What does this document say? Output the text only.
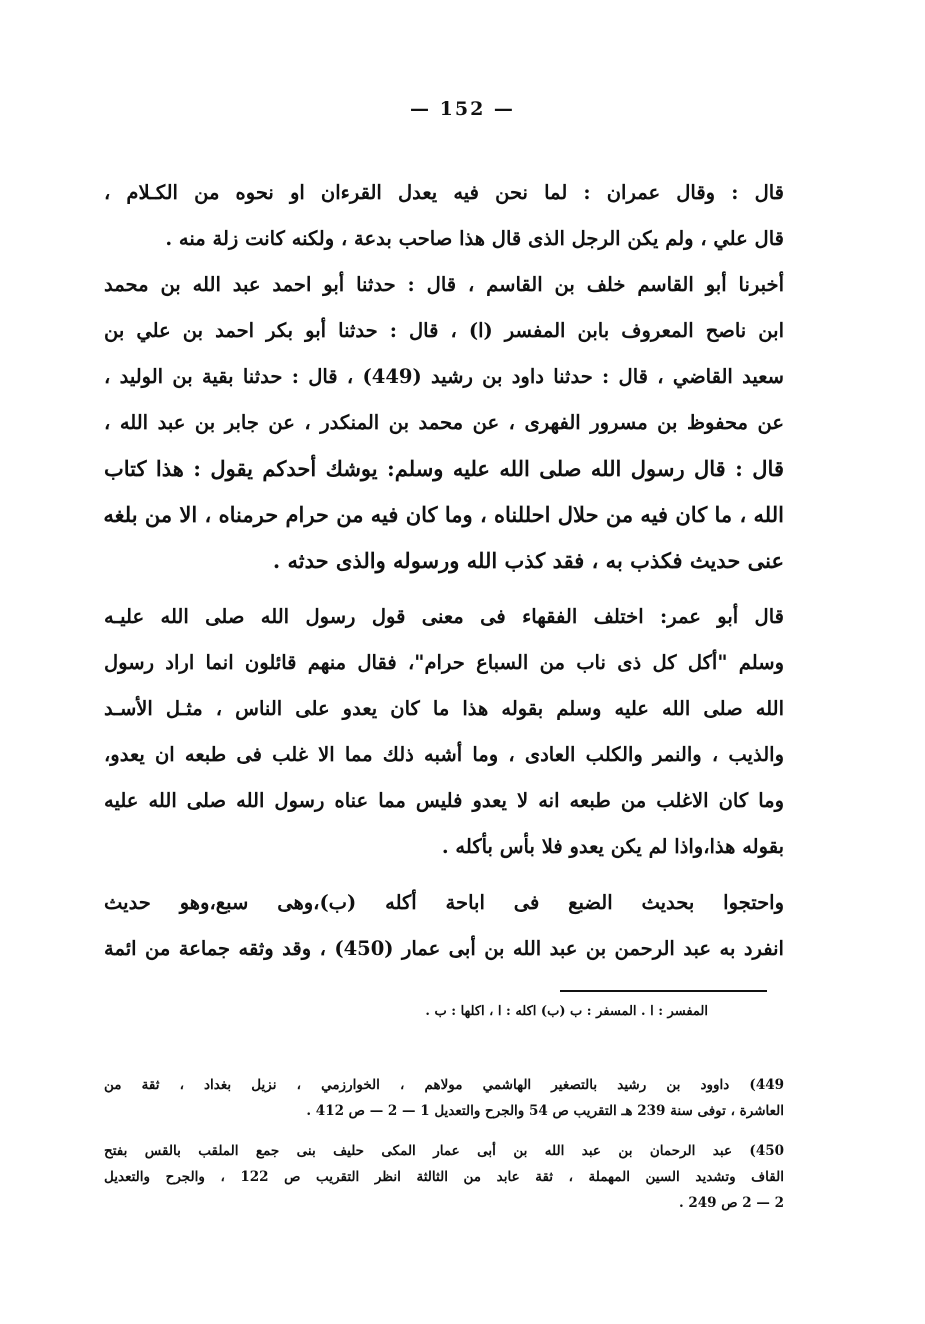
— 152 —
قال : وقال عمران : لما نحن فيه يعدل القرءان او نحوه من الكـلام ،
قال علي ، ولم يكن الرجل الذى قال هذا صاحب بدعة ، ولكنه كانت زلة منه .
أخبرنا أبو القاسم خلف بن القاسم ، قال : حدثنا أبو احمد عبد الله بن محمد
ابن ناصح المعروف بابن المفسر (ا) ، قال : حدثنا أبو بكر احمد بن علي بن
سعيد القاضي ، قال : حدثنا داود بن رشيد (449) ، قال : حدثنا بقية بن الوليد ،
عن محفوظ بن مسرور الفهرى ، عن محمد بن المنكدر ، عن جابر بن عبد الله ،
قال : قال رسول الله صلى الله عليه وسلم: يوشك أحدكم يقول : هذا كتاب
الله ، ما كان فيه من حلال احللناه ، وما كان فيه من حرام حرمناه ، الا من بلغه
عنى حديث فكذب به ، فقد كذب الله ورسوله والذى حدثه .
قال أبو عمر: اختلف الفقهاء فى معنى قول رسول الله صلى الله عليـه
وسلم "أكل كل ذى ناب من السباع حرام"، فقال منهم قائلون انما اراد رسول
الله صلى الله عليه وسلم بقوله هذا ما كان يعدو على الناس ، مثـل الأسـد
والذيب ، والنمر والكلب العادى ، وما أشبه ذلك مما الا غلب فى طبعه ان يعدو،
وما كان الاغلب من طبعه انه لا يعدو فليس مما عناه رسول الله صلى الله عليه
بقوله هذا،واذا لم يكن يعدو فلا بأس بأكله .
واحتجوا بحديث الضبع فى اباحة أكله (ب)،وهى سبع،وهو حديث
انفرد به عبد الرحمن بن عبد الله بن أبى عمار (450) ، وقد وثقه جماعة من ائمة
المفسر : ا . المسفر : ب (ب) اكله : ا ، اكلها : ب .
449) داوود بن رشيد بالتصغير الهاشمي مولاهم ، الخوارزمي ، نزيل بغداد ، ثقة من
العاشرة ، توفى سنة 239 هـ التقريب ص 54 والجرح والتعديل 1 — 2 — ص 412 .
450) عبد الرحمان بن عبد الله بن أبى عمار المكى حليف بنى جمع الملقب بالقس بفتح
القاف وتشديد السين المهملة ، ثقة عابد من الثالثة انظر التقريب ص 122 ، والجرح والتعديل
2 — 2 ص 249 .
